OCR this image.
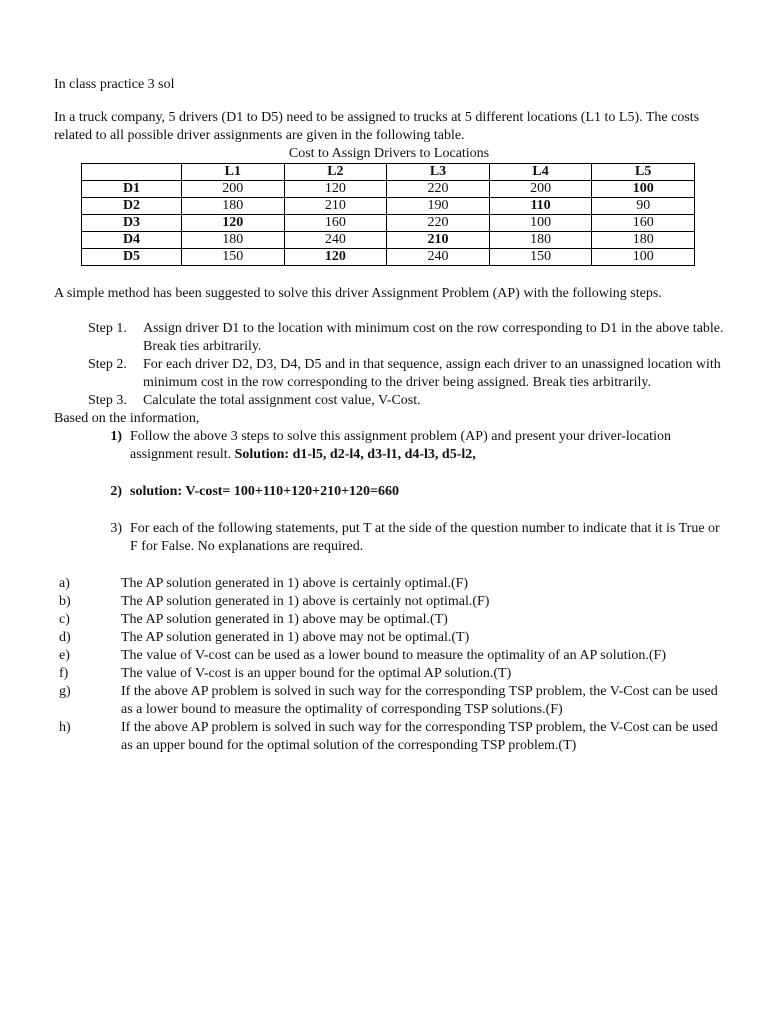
In class practice 3 sol

In a truck company, 5 drivers (D1 to D5) need to be assigned to trucks at 5 different locations (L1 to L5). The costs related to all possible driver assignments are given in the following table.

Cost to Assign Drivers to Locations

	L1	L2	L3	L4	L5
D1	200	120	220	200	100
D2	180	210	190	110	90
D3	120	160	220	100	160
D4	180	240	210	180	180
D5	150	120	240	150	100

A simple method has been suggested to solve this driver Assignment Problem (AP) with the following steps.

Step 1.	Assign driver D1 to the location with minimum cost on the row corresponding to D1 in the above table. Break ties arbitrarily.
Step 2.	For each driver D2, D3, D4, D5 and in that sequence, assign each driver to an unassigned location with minimum cost in the row corresponding to the driver being assigned. Break ties arbitrarily.
Step 3.	Calculate the total assignment cost value, V-Cost.

Based on the information,

1) Follow the above 3 steps to solve this assignment problem (AP) and present your driver-location assignment result. Solution: d1-l5, d2-l4, d3-l1, d4-l3, d5-l2,
2) solution: V-cost= 100+110+120+210+120=660
3) For each of the following statements, put T at the side of the question number to indicate that it is True or F for False. No explanations are required.
a)	The AP solution generated in 1) above is certainly optimal.(F)
b)	The AP solution generated in 1) above is certainly not optimal.(F)
c)	The AP solution generated in 1) above may be optimal.(T)
d)	The AP solution generated in 1) above may not be optimal.(T)
e)	The value of V-cost can be used as a lower bound to measure the optimality of an AP solution.(F)
f)	The value of V-cost is an upper bound for the optimal AP solution.(T)
g)	If the above AP problem is solved in such way for the corresponding TSP problem, the V-Cost can be used as a lower bound to measure the optimality of corresponding TSP solutions.(F)
h)	If the above AP problem is solved in such way for the corresponding TSP problem, the V-Cost can be used as an upper bound for the optimal solution of the corresponding TSP problem.(T)
